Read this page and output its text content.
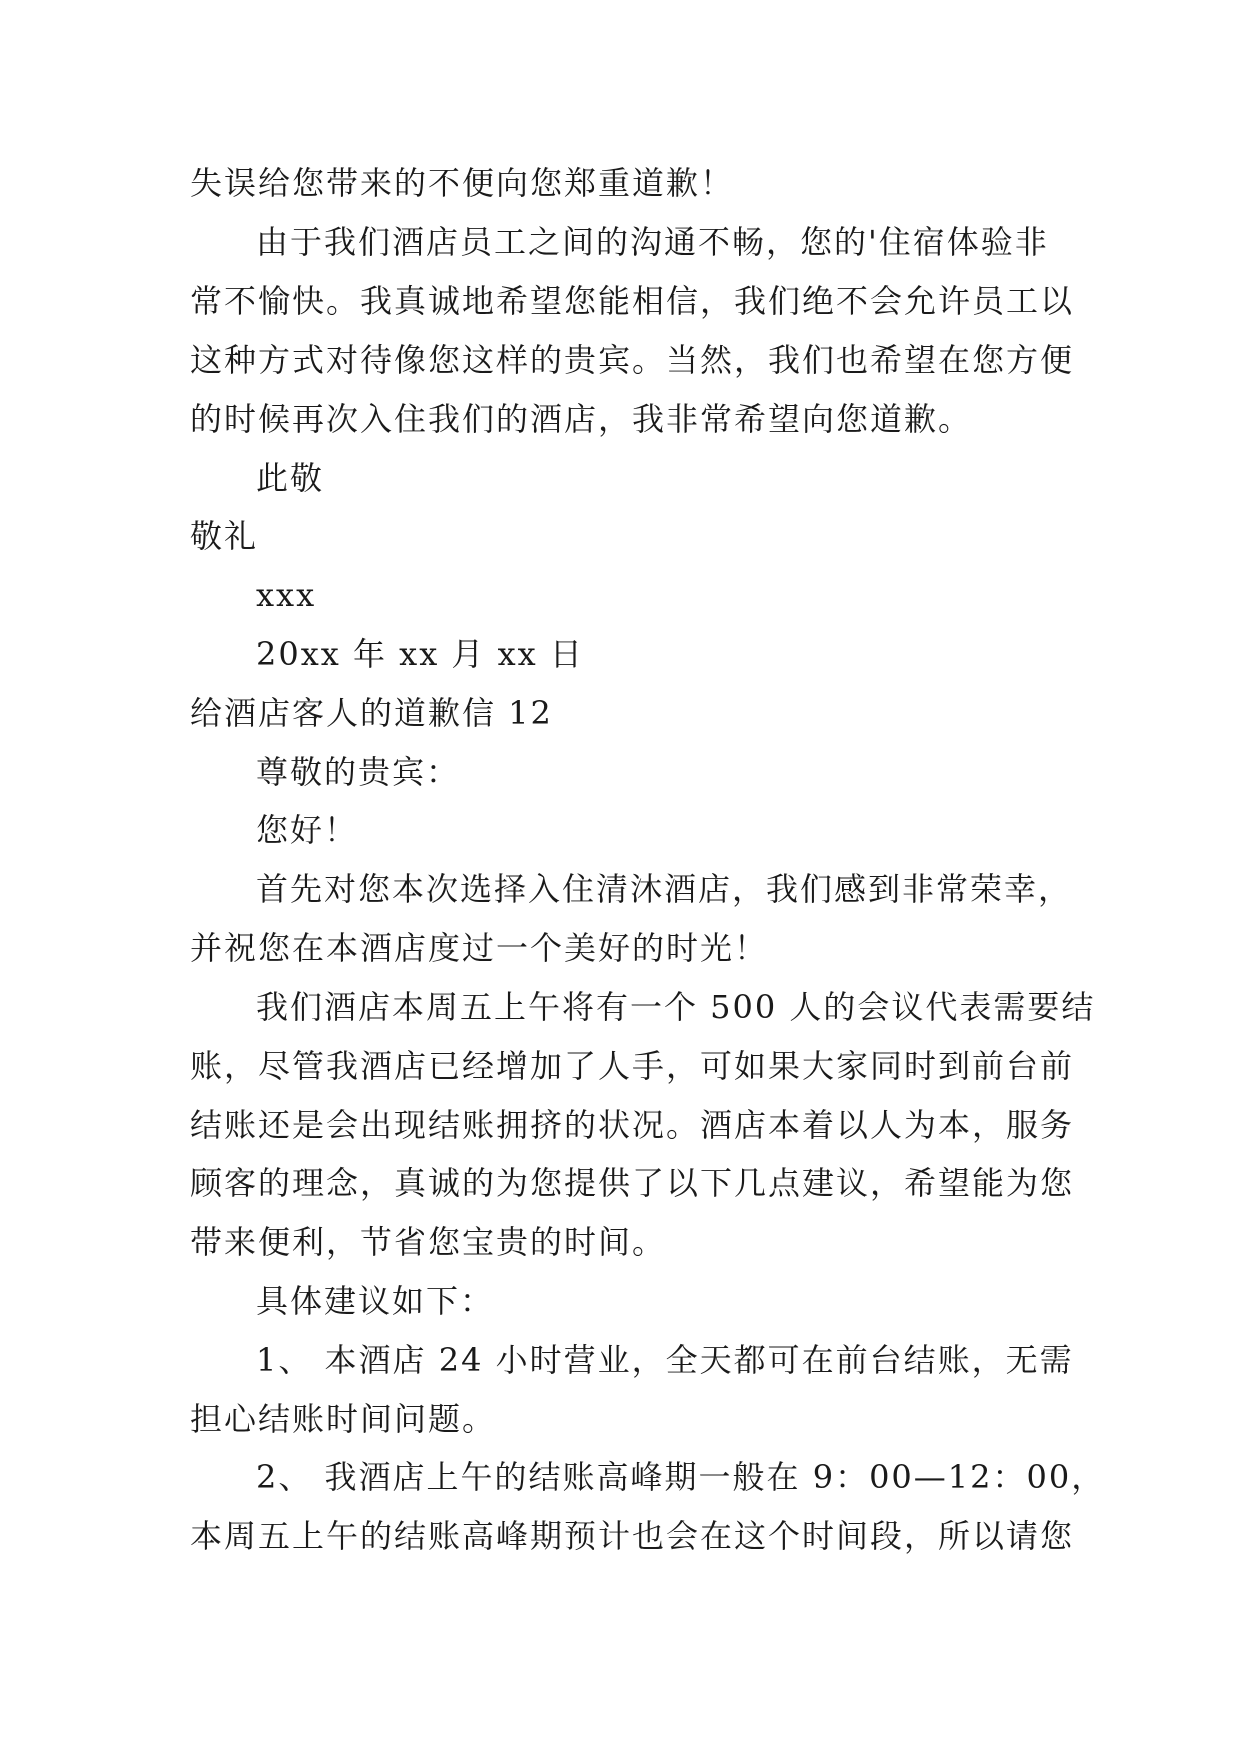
失误给您带来的不便向您郑重道歉！
由于我们酒店员工之间的沟通不畅，您的'住宿体验非
常不愉快。我真诚地希望您能相信，我们绝不会允许员工以
这种方式对待像您这样的贵宾。当然，我们也希望在您方便
的时候再次入住我们的酒店，我非常希望向您道歉。
此敬
敬礼
xxx
20xx 年 xx 月 xx 日
给酒店客人的道歉信 12
尊敬的贵宾：
您好！
首先对您本次选择入住清沐酒店，我们感到非常荣幸，
并祝您在本酒店度过一个美好的时光！
我们酒店本周五上午将有一个 500 人的会议代表需要结
账，尽管我酒店已经增加了人手，可如果大家同时到前台前
结账还是会出现结账拥挤的状况。酒店本着以人为本，服务
顾客的理念，真诚的为您提供了以下几点建议，希望能为您
带来便利，节省您宝贵的时间。
具体建议如下：
1、 本酒店 24 小时营业，全天都可在前台结账，无需
担心结账时间问题。
2、 我酒店上午的结账高峰期一般在 9：00—12：00，
本周五上午的结账高峰期预计也会在这个时间段，所以请您
